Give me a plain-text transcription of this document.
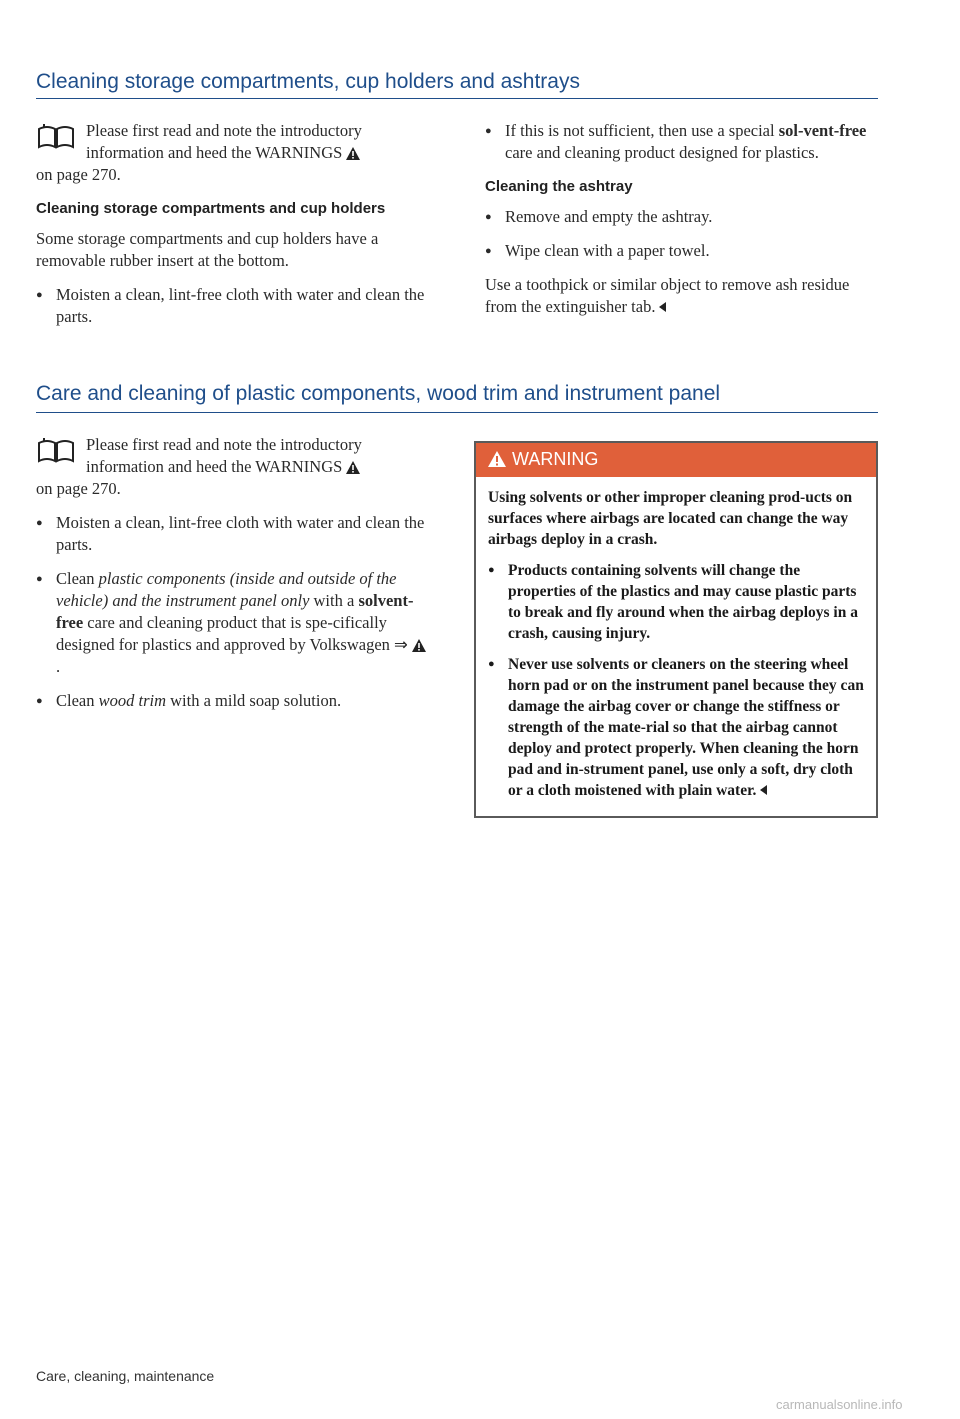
Cleaning storage compartments, cup holders and ashtrays

Please first read and note the introductory information and heed the WARNINGS
on page 270.

Cleaning storage compartments and cup holders

Some storage compartments and cup holders have a removable rubber insert at the bottom.

● Moisten a clean, lint-free cloth with water and clean the parts.

● If this is not sufficient, then use a special sol-vent-free care and cleaning product designed for plastics.

Cleaning the ashtray

● Remove and empty the ashtray.

● Wipe clean with a paper towel.

Use a toothpick or similar object to remove ash residue from the extinguisher tab.

Care and cleaning of plastic components, wood trim and instrument panel

Please first read and note the introductory information and heed the WARNINGS
on page 270.

● Moisten a clean, lint-free cloth with water and clean the parts.

● Clean plastic components (inside and outside of the vehicle) and the instrument panel only with a solvent-free care and cleaning product that is spe-cifically designed for plastics and approved by Volkswagen ⇒ .

● Clean wood trim with a mild soap solution.

WARNING

Using solvents or other improper cleaning prod-ucts on surfaces where airbags are located can change the way airbags deploy in a crash.

● Products containing solvents will change the properties of the plastics and may cause plastic parts to break and fly around when the airbag deploys in a crash, causing injury.

● Never use solvents or cleaners on the steering wheel horn pad or on the instrument panel because they can damage the airbag cover or change the stiffness or strength of the mate-rial so that the airbag cannot deploy and protect properly. When cleaning the horn pad and in-strument panel, use only a soft, dry cloth or a cloth moistened with plain water.

Care, cleaning, maintenance
carmanualsonline.info
